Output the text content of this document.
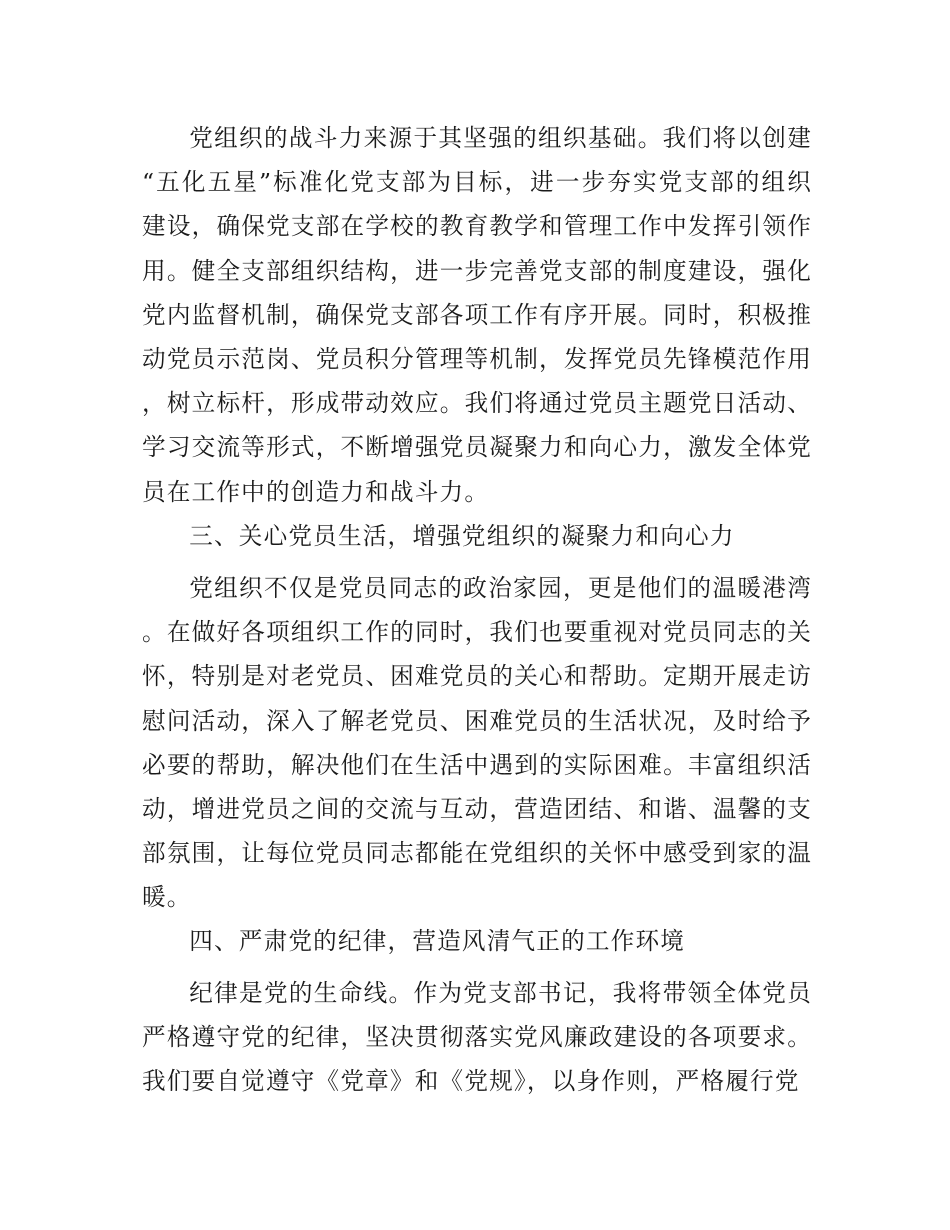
党组织的战斗力来源于其坚强的组织基础。我们将以创建“五化五星”标准化党支部为目标，进一步夯实党支部的组织建设，确保党支部在学校的教育教学和管理工作中发挥引领作用。健全支部组织结构，进一步完善党支部的制度建设，强化党内监督机制，确保党支部各项工作有序开展。同时，积极推动党员示范岗、党员积分管理等机制，发挥党员先锋模范作用，树立标杆，形成带动效应。我们将通过党员主题党日活动、学习交流等形式，不断增强党员凝聚力和向心力，激发全体党员在工作中的创造力和战斗力。

三、关心党员生活，增强党组织的凝聚力和向心力

党组织不仅是党员同志的政治家园，更是他们的温暖港湾。在做好各项组织工作的同时，我们也要重视对党员同志的关怀，特别是对老党员、困难党员的关心和帮助。定期开展走访慰问活动，深入了解老党员、困难党员的生活状况，及时给予必要的帮助，解决他们在生活中遇到的实际困难。丰富组织活动，增进党员之间的交流与互动，营造团结、和谐、温馨的支部氛围，让每位党员同志都能在党组织的关怀中感受到家的温暖。

四、严肃党的纪律，营造风清气正的工作环境

纪律是党的生命线。作为党支部书记，我将带领全体党员严格遵守党的纪律，坚决贯彻落实党风廉政建设的各项要求。我们要自觉遵守《党章》和《党规》，以身作则，严格履行党
